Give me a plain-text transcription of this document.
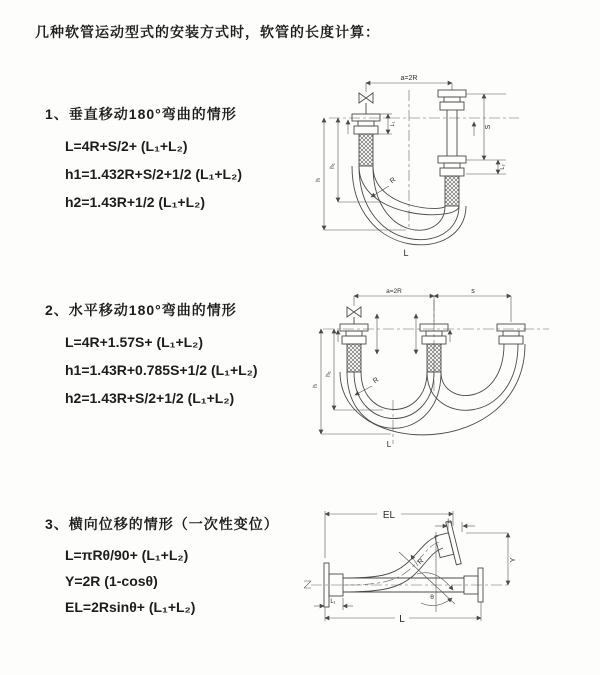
几种软管运动型式的安装方式时，软管的长度计算：
1、垂直移动180°弯曲的情形
L=4R+S/2+ (L₁+L₂)
h1=1.432R+S/2+1/2 (L₁+L₂)
h2=1.43R+1/2 (L₁+L₂)
2、水平移动180°弯曲的情形
L=4R+1.57S+ (L₁+L₂)
h1=1.43R+0.785S+1/2 (L₁+L₂)
h2=1.43R+S/2+1/2 (L₁+L₂)
3、横向位移的情形（一次性变位）
L=πRθ/90+ (L₁+L₂)
Y=2R (1-cosθ)
EL=2Rsinθ+ (L₁+L₂)
a=2R
h
h₁
L₁
S
L₂
R
L
a=2R	s
h
h₁
R
L
EL
L₁
θ
R	Y
L₁
L
